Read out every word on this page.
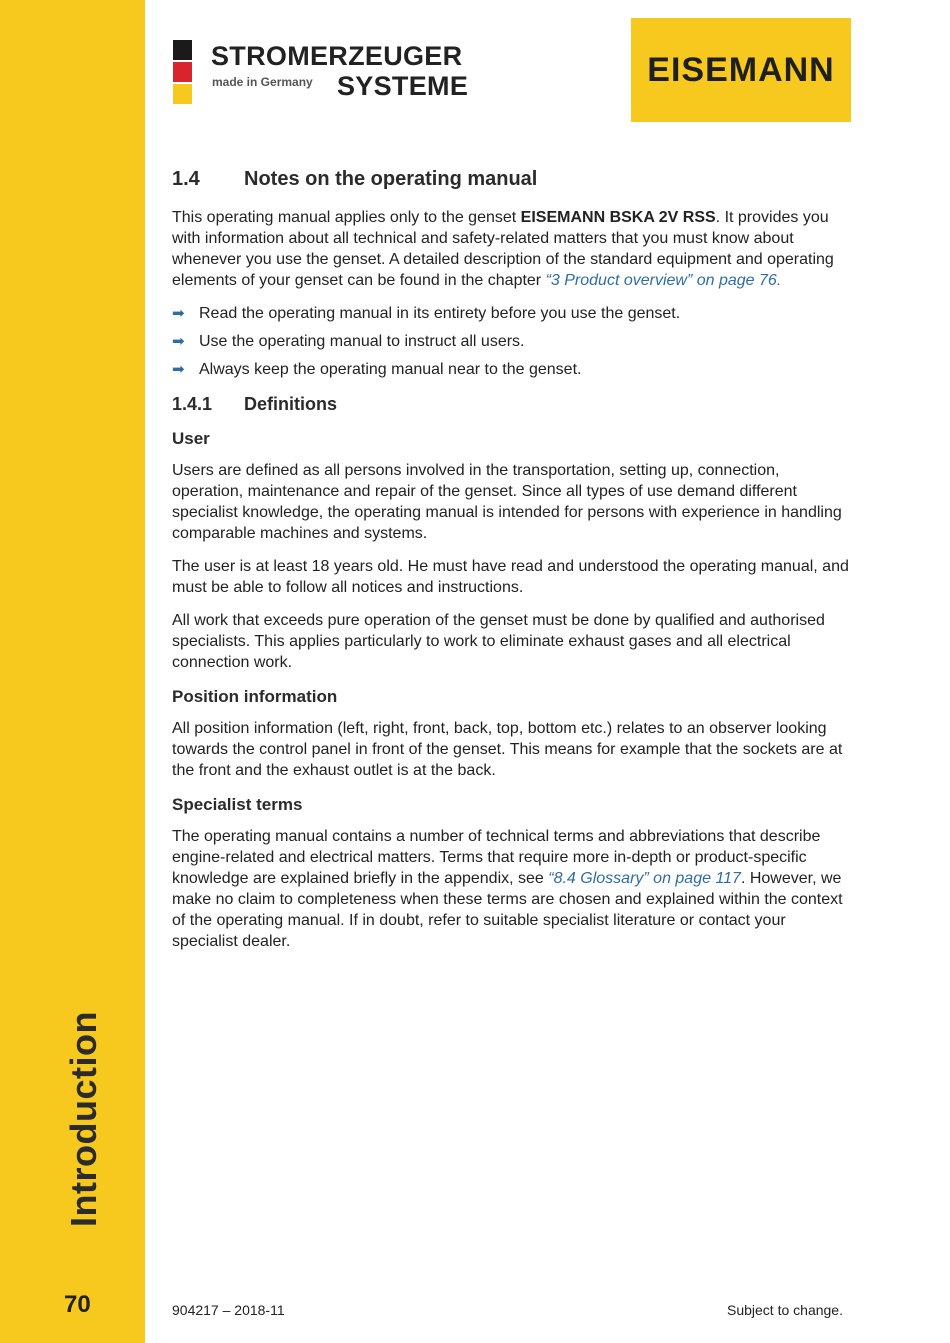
Introduction
70
STROMERZEUGER
made in Germany SYSTEME	EISEMANN
1.4	Notes on the operating manual

This operating manual applies only to the genset EISEMANN BSKA 2V RSS. It provides you with information about all technical and safety-related matters that you must know about whenever you use the genset. A detailed description of the standard equipment and operating elements of your genset can be found in the chapter “3 Product overview” on page 76.

➡ Read the operating manual in its entirety before you use the genset.
➡ Use the operating manual to instruct all users.
➡ Always keep the operating manual near to the genset.
1.4.1	Definitions
User

Users are defined as all persons involved in the transportation, setting up, connection, operation, maintenance and repair of the genset. Since all types of use demand different specialist knowledge, the operating manual is intended for persons with experience in handling comparable machines and systems.

The user is at least 18 years old. He must have read and understood the operating manual, and must be able to follow all notices and instructions.

All work that exceeds pure operation of the genset must be done by qualified and authorised specialists. This applies particularly to work to eliminate exhaust gases and all electrical connection work.

Position information

All position information (left, right, front, back, top, bottom etc.) relates to an observer looking towards the control panel in front of the genset. This means for example that the sockets are at the front and the exhaust outlet is at the back.

Specialist terms

The operating manual contains a number of technical terms and abbreviations that describe engine-related and electrical matters. Terms that require more in-depth or product-specific knowledge are explained briefly in the appendix, see “8.4 Glossary” on page 117. However, we make no claim to completeness when these terms are chosen and explained within the context of the operating manual. If in doubt, refer to suitable specialist literature or contact your specialist dealer.

904217 – 2018-11	Subject to change.
